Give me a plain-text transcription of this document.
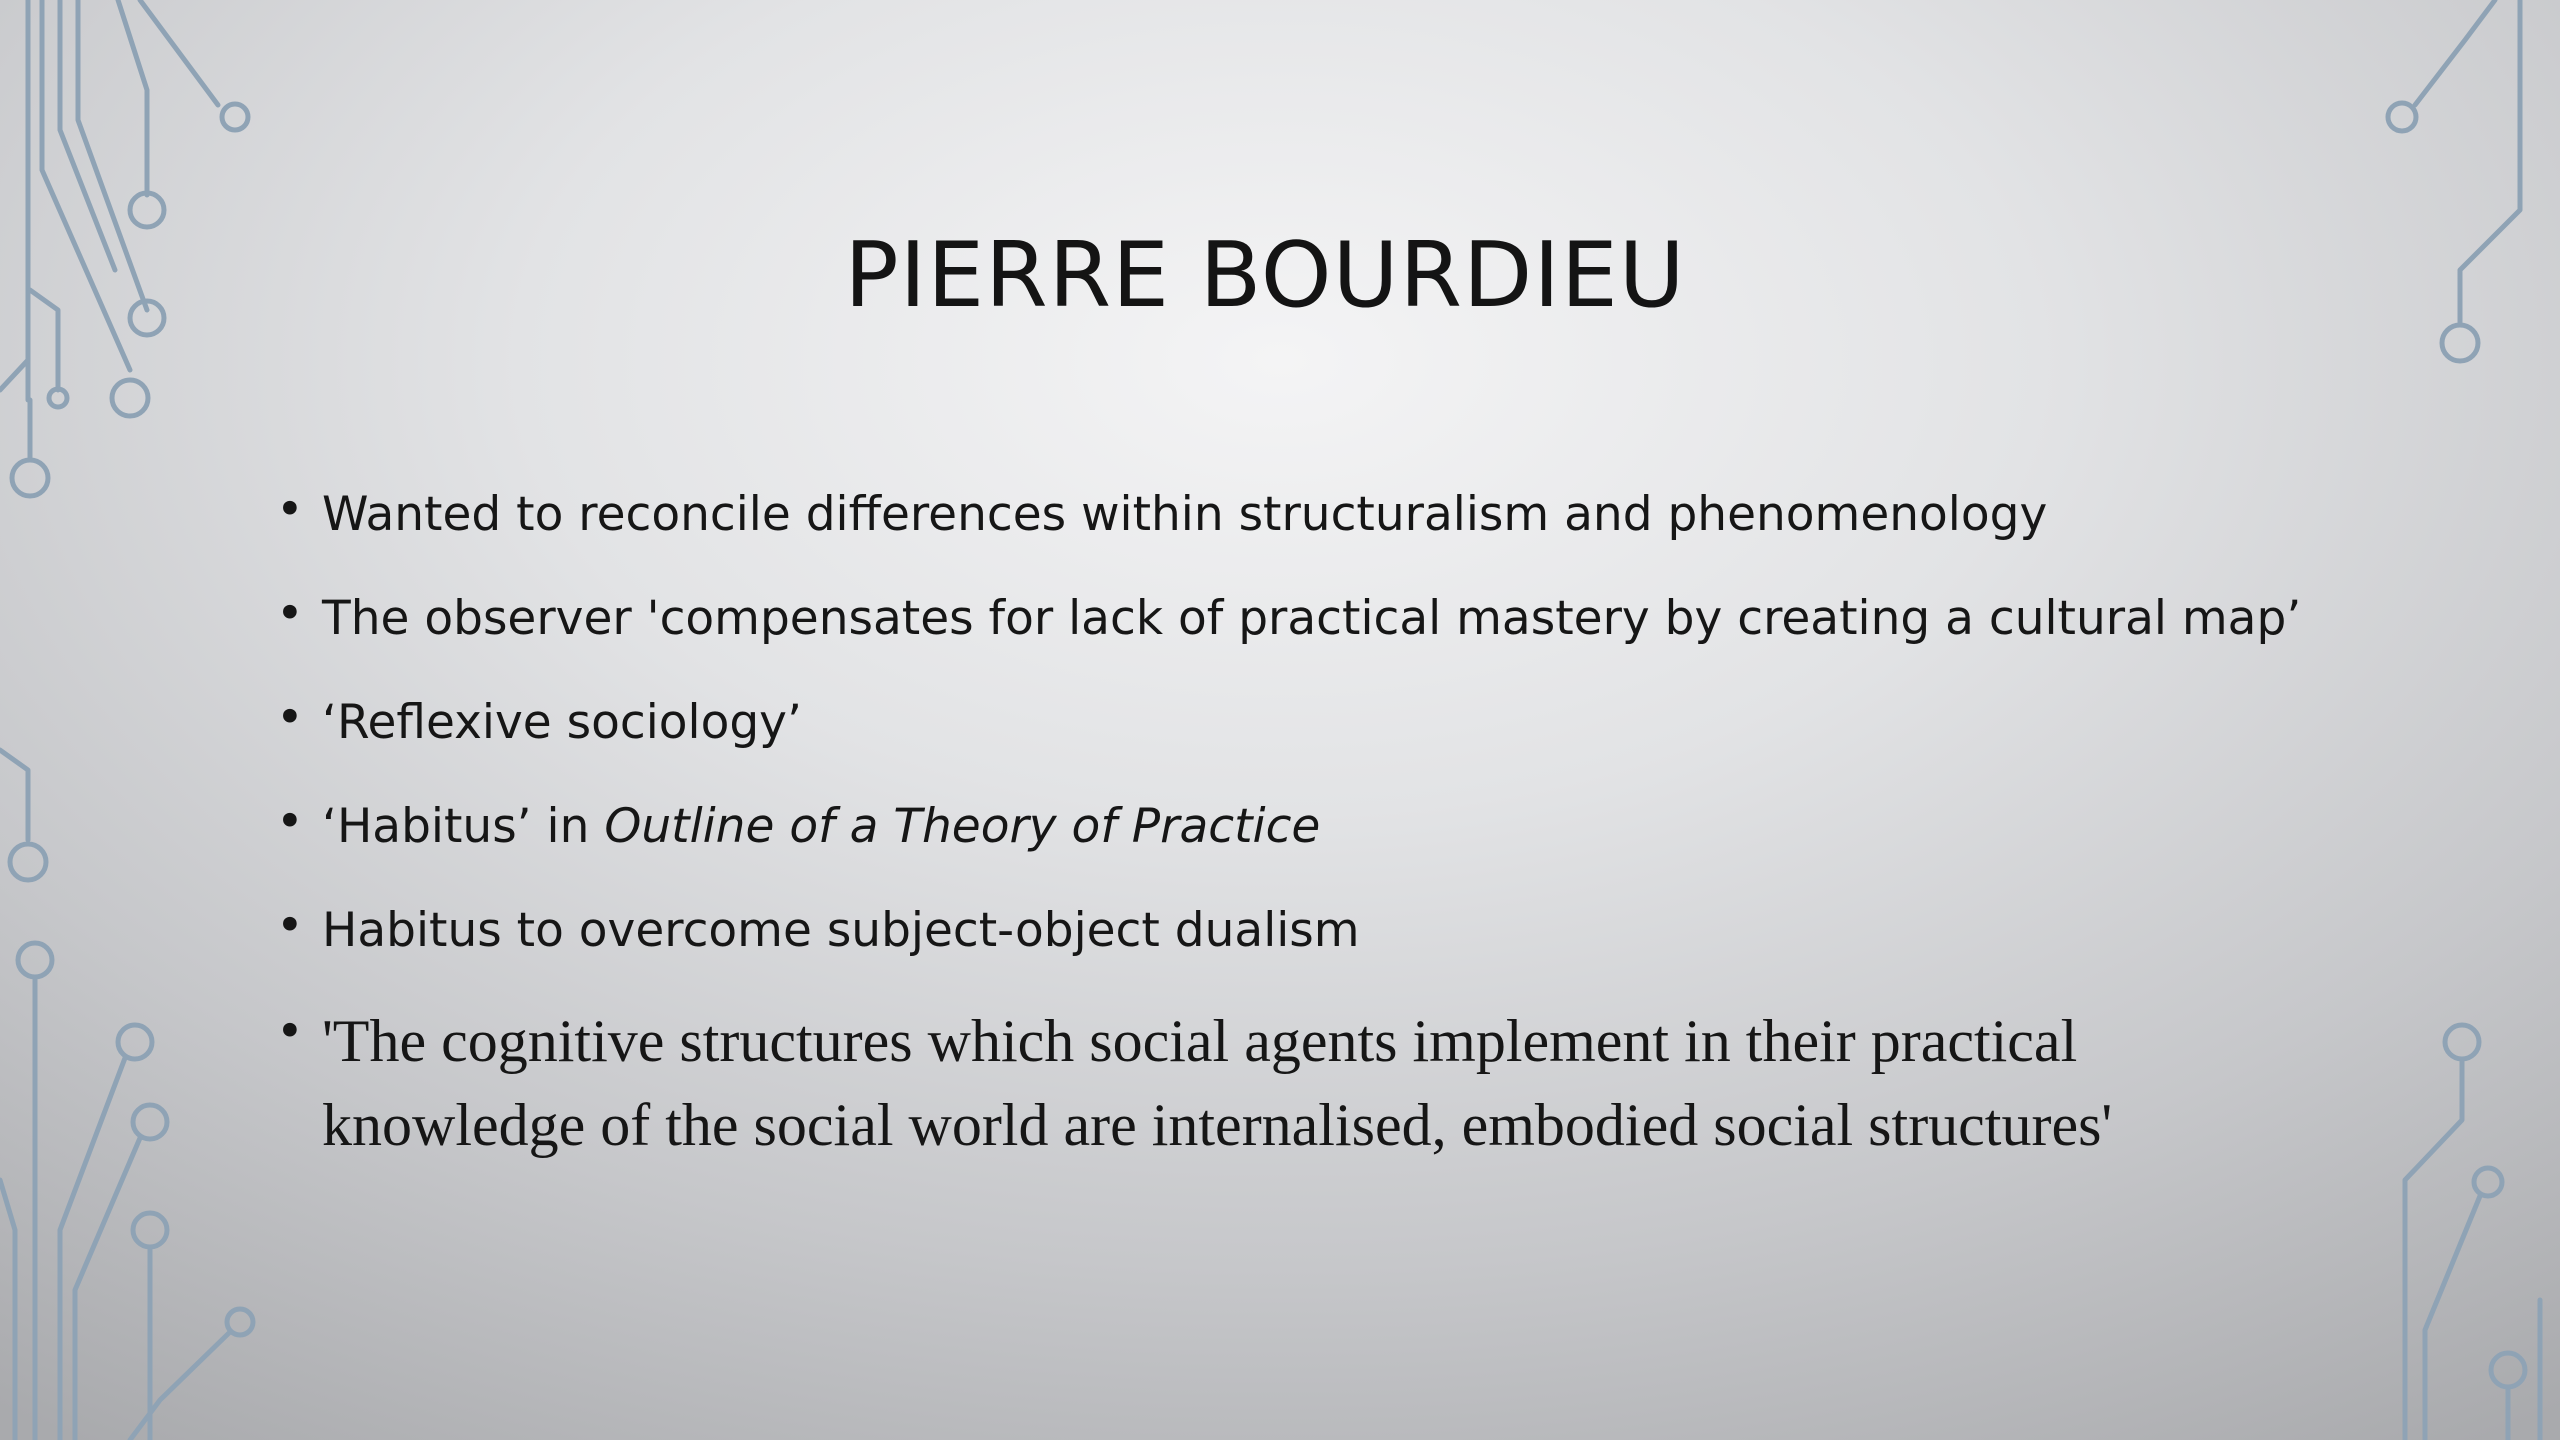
PIERRE BOURDIEU
• Wanted to reconcile differences within structuralism and phenomenology
• The observer 'compensates for lack of practical mastery by creating a cultural map’
• ‘Reflexive sociology’
• ‘Habitus’ in Outline of a Theory of Practice
• Habitus to overcome subject-object dualism
• 'The cognitive structures which social agents implement in their practical knowledge of the social world are internalised, embodied social structures'
